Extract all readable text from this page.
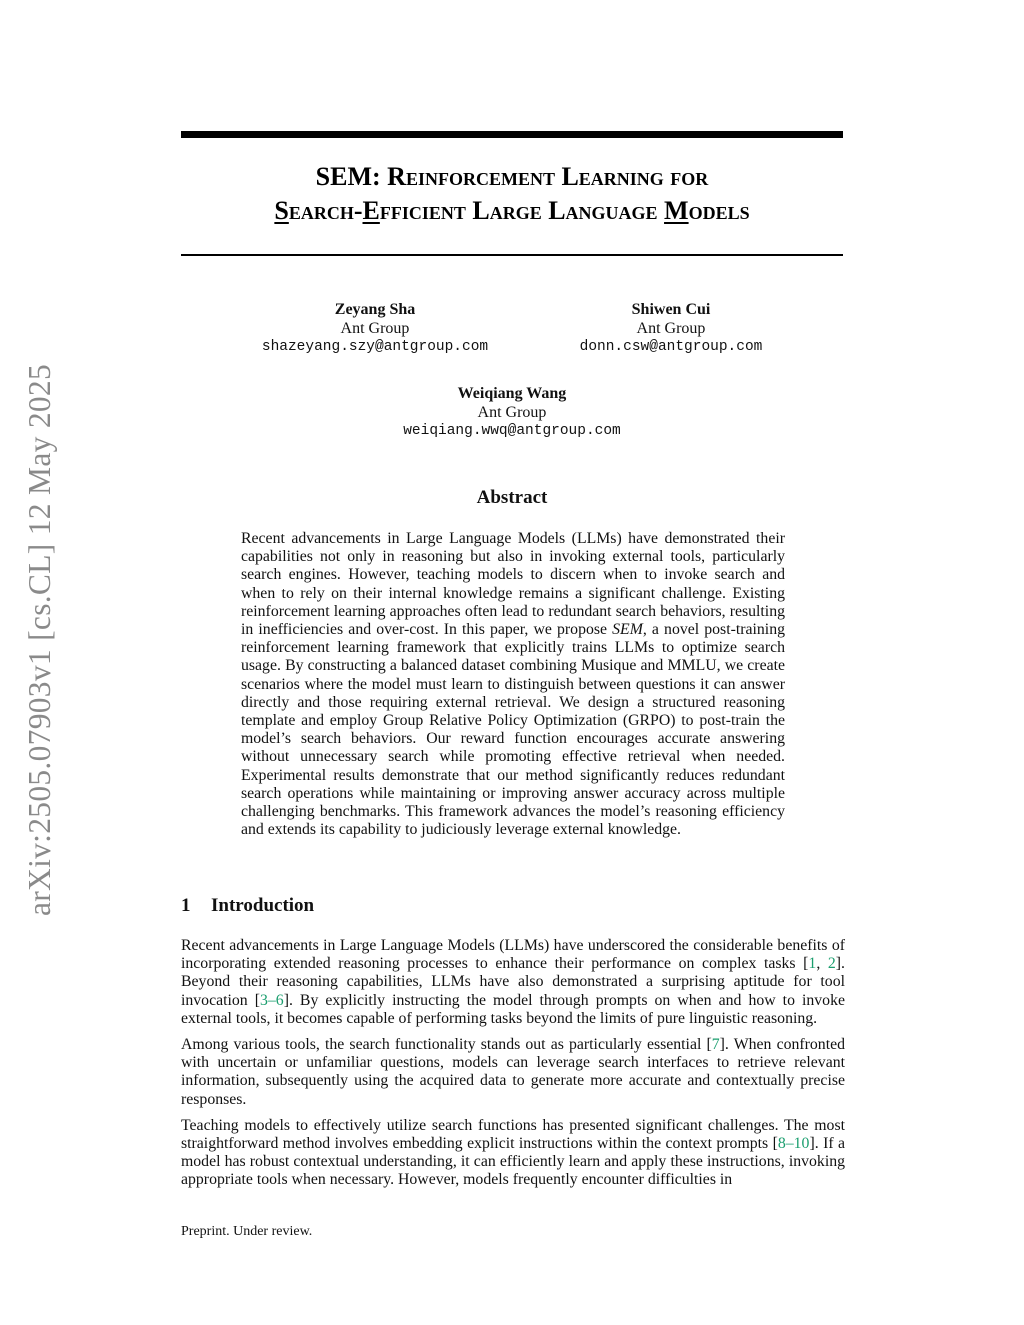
arXiv:2505.07903v1 [cs.CL] 12 May 2025
SEM: Reinforcement Learning for
Search-Efficient Large Language Models
Zeyang Sha
Ant Group
shazeyang.szy@antgroup.com
Shiwen Cui
Ant Group
donn.csw@antgroup.com
Weiqiang Wang
Ant Group
weiqiang.wwq@antgroup.com
Abstract
Recent advancements in Large Language Models (LLMs) have demonstrated their capabilities not only in reasoning but also in invoking external tools, particularly search engines. However, teaching models to discern when to invoke search and when to rely on their internal knowledge remains a significant challenge. Existing reinforcement learning approaches often lead to redundant search behaviors, resulting in inefficiencies and over-cost. In this paper, we propose SEM, a novel post-training reinforcement learning framework that explicitly trains LLMs to optimize search usage. By constructing a balanced dataset combining Musique and MMLU, we create scenarios where the model must learn to distinguish between questions it can answer directly and those requiring external retrieval. We design a structured reasoning template and employ Group Relative Policy Optimization (GRPO) to post-train the model’s search behaviors. Our reward function encourages accurate answering without unnecessary search while promoting effective retrieval when needed. Experimental results demonstrate that our method significantly reduces redundant search operations while maintaining or improving answer accuracy across multiple challenging benchmarks. This framework advances the model’s reasoning efficiency and extends its capability to judiciously leverage external knowledge.
1 Introduction

Recent advancements in Large Language Models (LLMs) have underscored the considerable benefits of incorporating extended reasoning processes to enhance their performance on complex tasks [1, 2]. Beyond their reasoning capabilities, LLMs have also demonstrated a surprising aptitude for tool invocation [3–6]. By explicitly instructing the model through prompts on when and how to invoke external tools, it becomes capable of performing tasks beyond the limits of pure linguistic reasoning.

Among various tools, the search functionality stands out as particularly essential [7]. When confronted with uncertain or unfamiliar questions, models can leverage search interfaces to retrieve relevant information, subsequently using the acquired data to generate more accurate and contextually precise responses.

Teaching models to effectively utilize search functions has presented significant challenges. The most straightforward method involves embedding explicit instructions within the context prompts [8–10]. If a model has robust contextual understanding, it can efficiently learn and apply these instructions, invoking appropriate tools when necessary. However, models frequently encounter difficulties in

Preprint. Under review.
